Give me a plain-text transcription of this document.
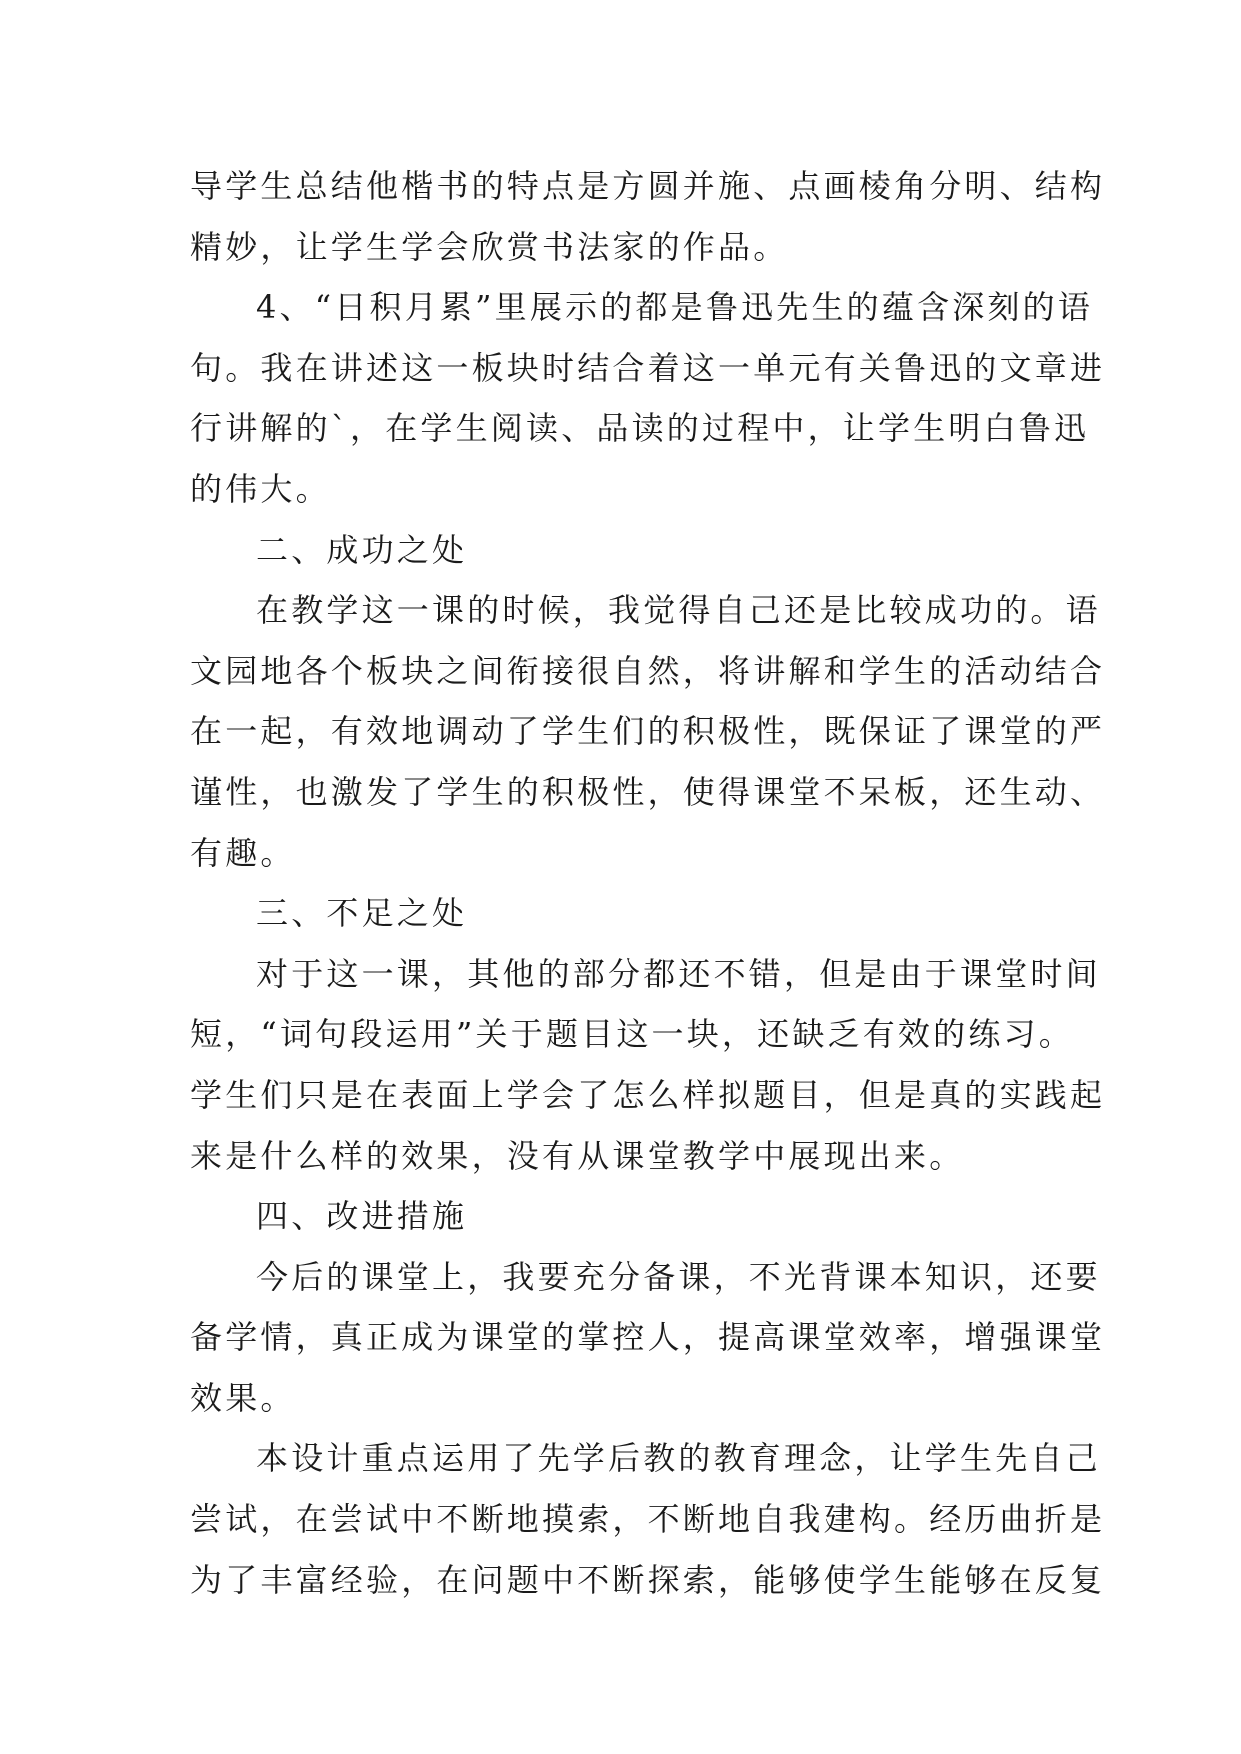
导学生总结他楷书的特点是方圆并施、点画棱角分明、结构
精妙，让学生学会欣赏书法家的作品。
4、“日积月累”里展示的都是鲁迅先生的蕴含深刻的语
句。我在讲述这一板块时结合着这一单元有关鲁迅的文章进
行讲解的`，在学生阅读、品读的过程中，让学生明白鲁迅
的伟大。
二、成功之处
在教学这一课的时候，我觉得自己还是比较成功的。语
文园地各个板块之间衔接很自然，将讲解和学生的活动结合
在一起，有效地调动了学生们的积极性，既保证了课堂的严
谨性，也激发了学生的积极性，使得课堂不呆板，还生动、
有趣。
三、不足之处
对于这一课，其他的部分都还不错，但是由于课堂时间
短，“词句段运用”关于题目这一块，还缺乏有效的练习。
学生们只是在表面上学会了怎么样拟题目，但是真的实践起
来是什么样的效果，没有从课堂教学中展现出来。
四、改进措施
今后的课堂上，我要充分备课，不光背课本知识，还要
备学情，真正成为课堂的掌控人，提高课堂效率，增强课堂
效果。
本设计重点运用了先学后教的教育理念，让学生先自己
尝试，在尝试中不断地摸索，不断地自我建构。经历曲折是
为了丰富经验，在问题中不断探索，能够使学生能够在反复
